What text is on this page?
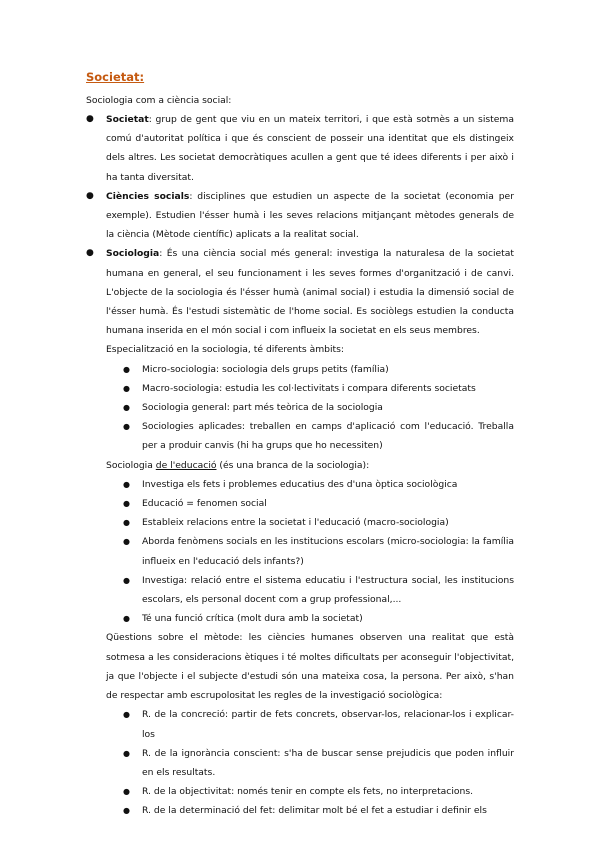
Societat:
Sociologia com a ciència social:
● Societat: grup de gent que viu en un mateix territori, i que està sotmès a un sistema comú d'autoritat política i que és conscient de posseir una identitat que els distingeix dels altres. Les societat democràtiques acullen a gent que té idees diferents i per això i ha tanta diversitat.
● Ciències socials: disciplines que estudien un aspecte de la societat (economia per exemple). Estudien l'ésser humà i les seves relacions mitjançant mètodes generals de la ciència (Mètode científic) aplicats a la realitat social.
● Sociologia: És una ciència social més general: investiga la naturalesa de la societat humana en general, el seu funcionament i les seves formes d'organització i de canvi. L'objecte de la sociologia és l'ésser humà (animal social) i estudia la dimensió social de l'ésser humà. És l'estudi sistemàtic de l'home social. Es sociòlegs estudien la conducta humana inserida en el món social i com influeix la societat en els seus membres.
Especialització en la sociologia, té diferents àmbits:
● Micro-sociologia: sociologia dels grups petits (família)
● Macro-sociologia: estudia les col·lectivitats i compara diferents societats
● Sociologia general: part més teòrica de la sociologia
● Sociologies aplicades: treballen en camps d'aplicació com l'educació. Treballa per a produir canvis (hi ha grups que ho necessiten)
Sociologia de l'educació (és una branca de la sociologia):
● Investiga els fets i problemes educatius des d'una òptica sociològica
● Educació = fenomen social
● Estableix relacions entre la societat i l'educació (macro-sociologia)
● Aborda fenòmens socials en les institucions escolars (micro-sociologia: la família influeix en l'educació dels infants?)
● Investiga: relació entre el sistema educatiu i l'estructura social, les institucions escolars, els personal docent com a grup professional,...
● Té una funció crítica (molt dura amb la societat)
Qüestions sobre el mètode: les ciències humanes observen una realitat que està sotmesa a les consideracions ètiques i té moltes dificultats per aconseguir l'objectivitat, ja que l'objecte i el subjecte d'estudi són una mateixa cosa, la persona. Per això, s'han de respectar amb escrupolositat les regles de la investigació sociològica:
● R. de la concreció: partir de fets concrets, observar-los, relacionar-los i explicar-los
● R. de la ignorància conscient: s'ha de buscar sense prejudicis que poden influir en els resultats.
● R. de la objectivitat: només tenir en compte els fets, no interpretacions.
● R. de la determinació del fet: delimitar molt bé el fet a estudiar i definir els
